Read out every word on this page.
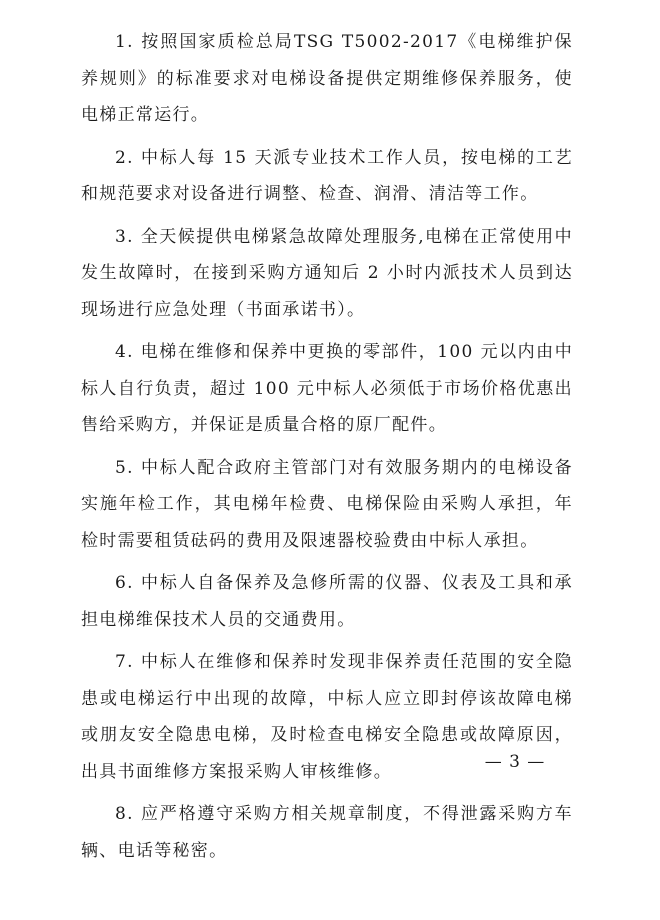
1. 按照国家质检总局TSG T5002-2017《电梯维护保养规则》的标准要求对电梯设备提供定期维修保养服务，使电梯正常运行。

2. 中标人每 15 天派专业技术工作人员，按电梯的工艺和规范要求对设备进行调整、检查、润滑、清洁等工作。

3. 全天候提供电梯紧急故障处理服务,电梯在正常使用中发生故障时，在接到采购方通知后 2 小时内派技术人员到达现场进行应急处理（书面承诺书）。

4. 电梯在维修和保养中更换的零部件，100 元以内由中标人自行负责，超过 100 元中标人必须低于市场价格优惠出售给采购方，并保证是质量合格的原厂配件。

5. 中标人配合政府主管部门对有效服务期内的电梯设备实施年检工作，其电梯年检费、电梯保险由采购人承担，年检时需要租赁砝码的费用及限速器校验费由中标人承担。

6. 中标人自备保养及急修所需的仪器、仪表及工具和承担电梯维保技术人员的交通费用。

7. 中标人在维修和保养时发现非保养责任范围的安全隐患或电梯运行中出现的故障，中标人应立即封停该故障电梯或朋友安全隐患电梯，及时检查电梯安全隐患或故障原因，出具书面维修方案报采购人审核维修。

8. 应严格遵守采购方相关规章制度，不得泄露采购方车辆、电话等秘密。

— 3 —
